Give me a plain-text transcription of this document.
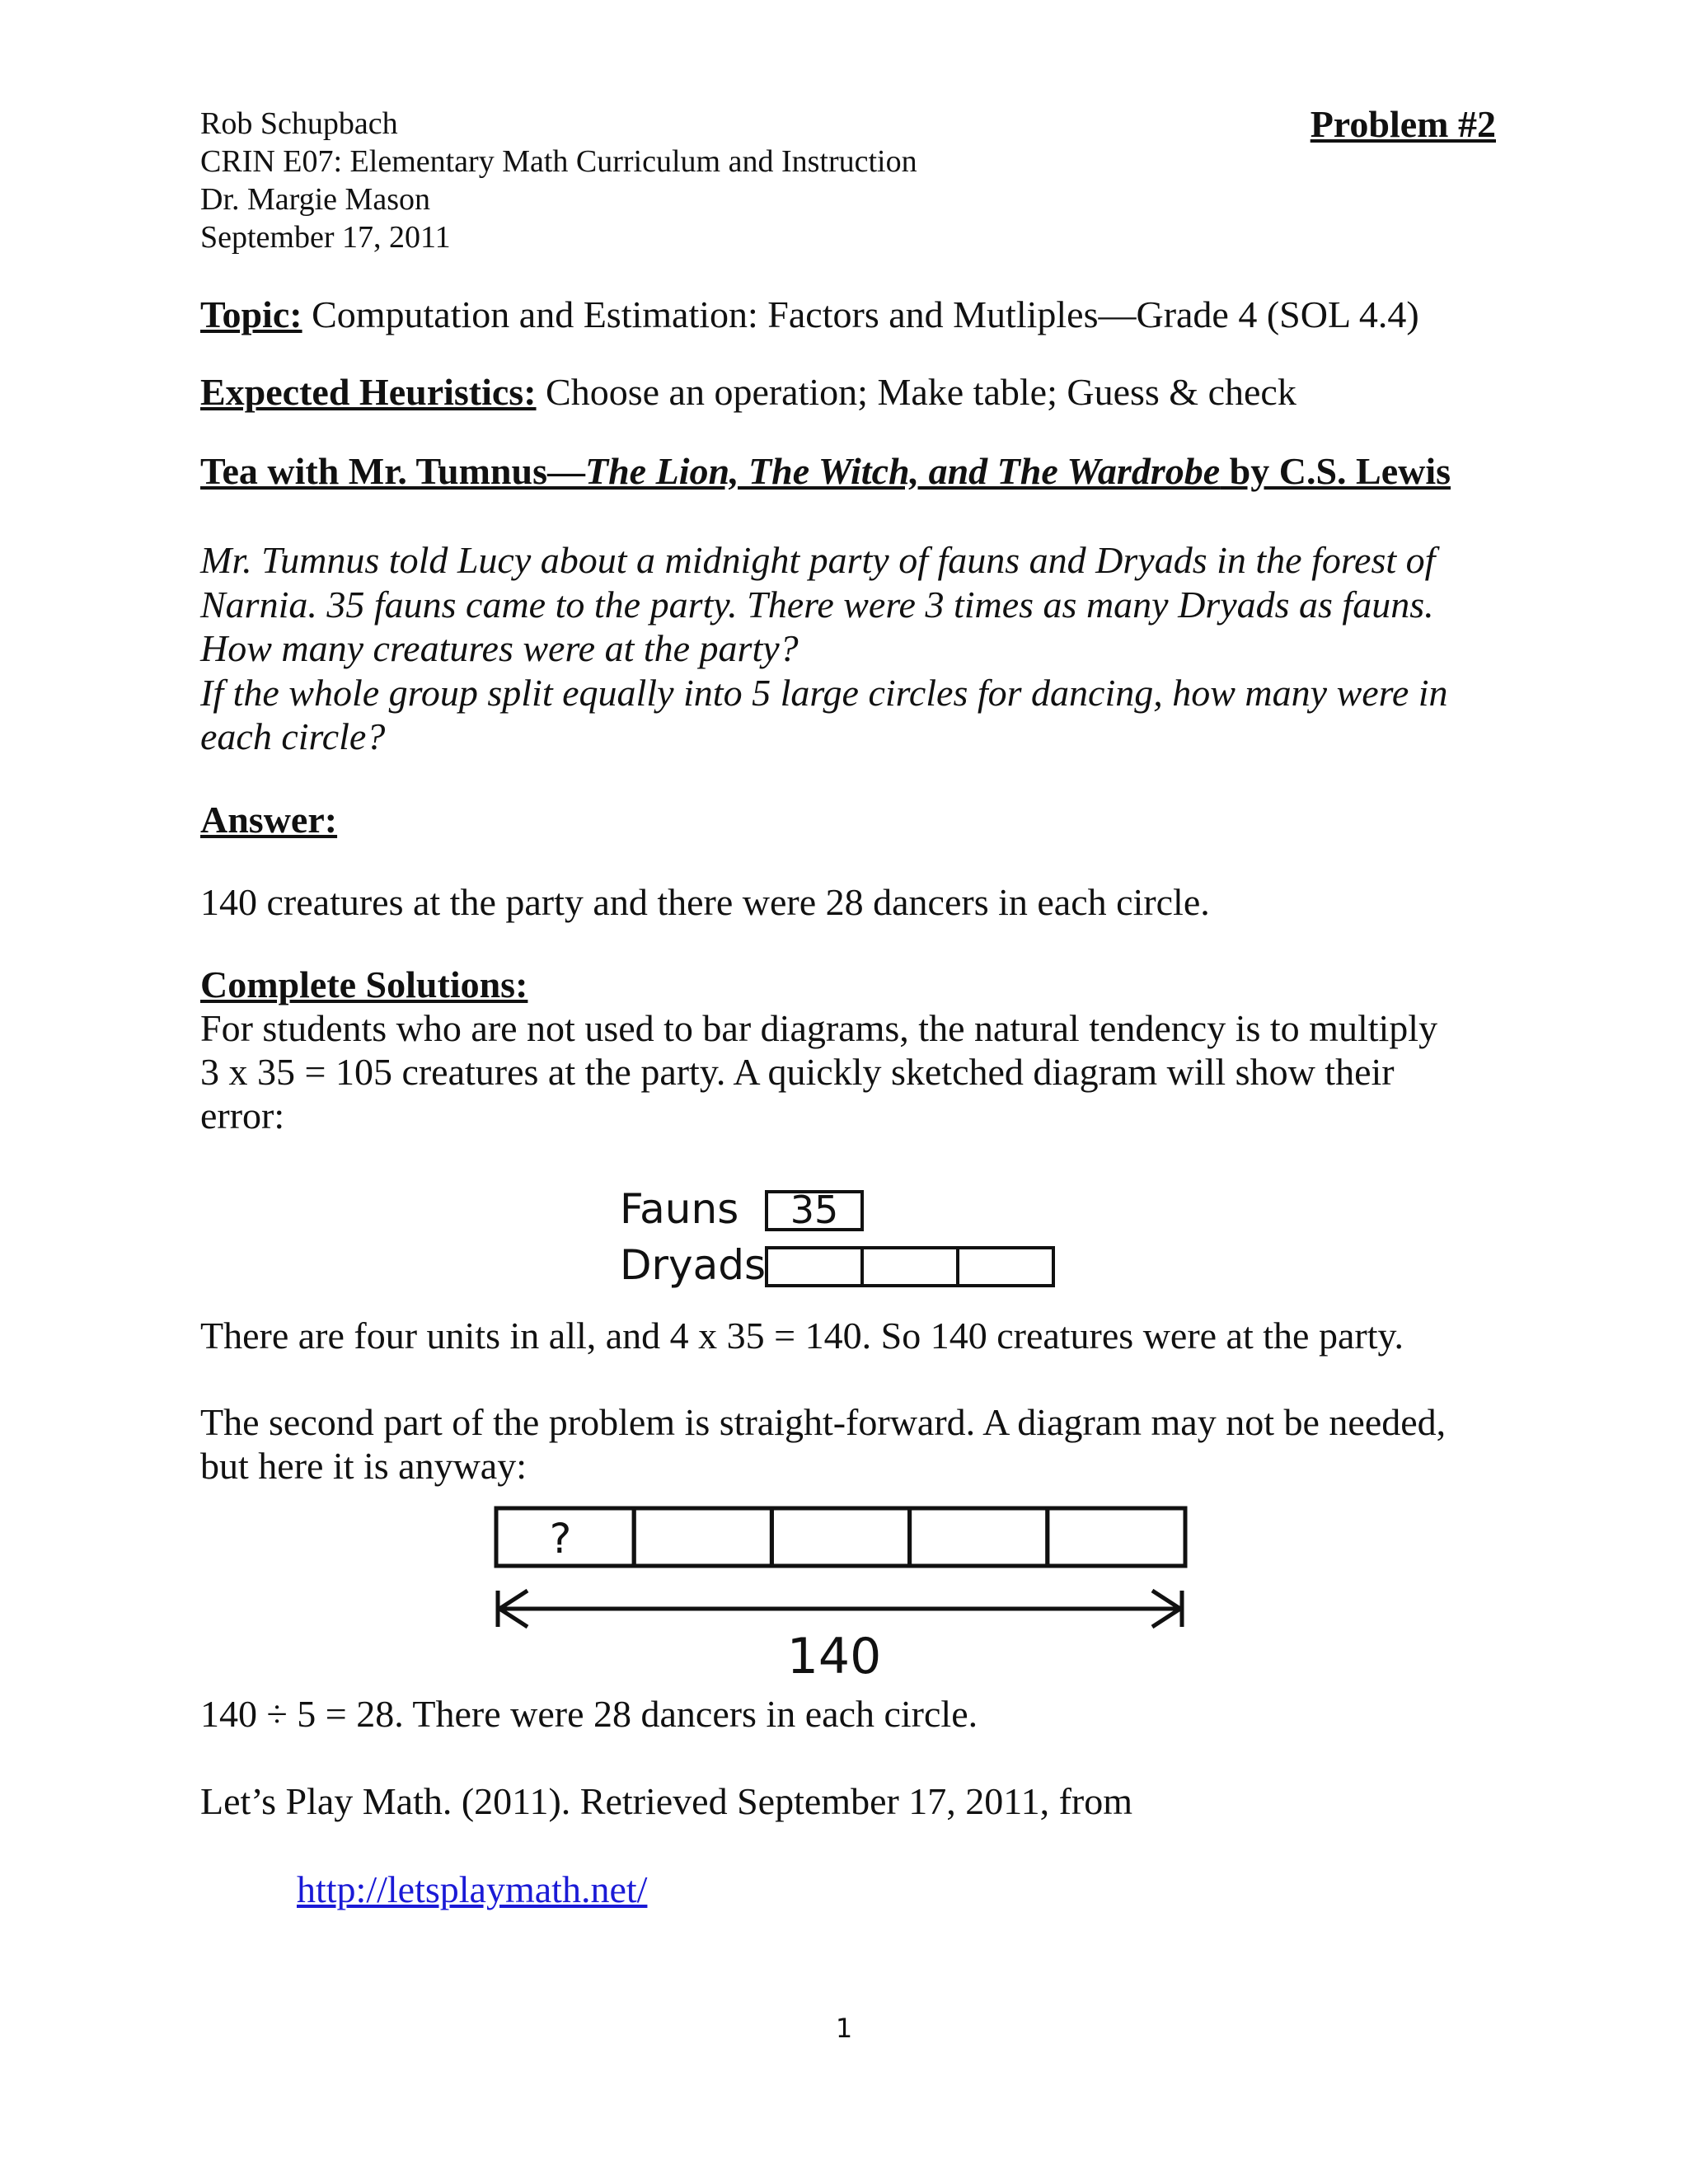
Rob Schupbach
CRIN E07: Elementary Math Curriculum and Instruction
Dr. Margie Mason
September 17, 2011
Problem #2
Topic: Computation and Estimation: Factors and Mutliples—Grade 4 (SOL 4.4)
Expected Heuristics: Choose an operation; Make table; Guess & check
Tea with Mr. Tumnus—The Lion, The Witch, and The Wardrobe by C.S. Lewis
Mr. Tumnus told Lucy about a midnight party of fauns and Dryads in the forest of
Narnia. 35 fauns came to the party. There were 3 times as many Dryads as fauns.
How many creatures were at the party?
If the whole group split equally into 5 large circles for dancing, how many were in
each circle?
Answer:
140 creatures at the party and there were 28 dancers in each circle.
Complete Solutions:
For students who are not used to bar diagrams, the natural tendency is to multiply
3 x 35 = 105 creatures at the party. A quickly sketched diagram will show their
error:
Fauns
Dryads
35
There are four units in all, and 4 x 35 = 140. So 140 creatures were at the party.
The second part of the problem is straight-forward. A diagram may not be needed,
but here it is anyway:
?
140
140 ÷ 5 = 28. There were 28 dancers in each circle.
Let’s Play Math. (2011). Retrieved September 17, 2011, from
http://letsplaymath.net/
1
